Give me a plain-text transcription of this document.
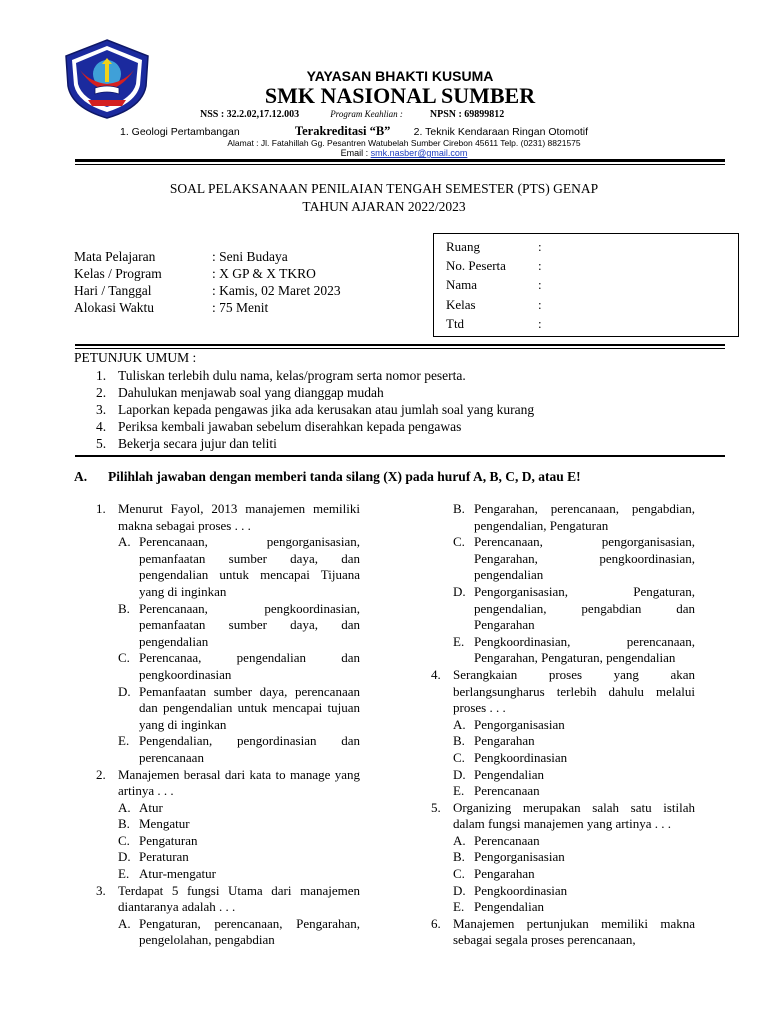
YAYASAN BHAKTI KUSUMA
SMK NASIONAL SUMBER
NSS : 32.2.02,17.12.003	Program Keahlian :	NPSN : 69899812
1. Geologi Pertambangan	Terakreditasi “B” 2. Teknik Kendaraan Ringan Otomotif
Alamat : Jl. Fatahillah Gg. Pesantren Watubelah Sumber Cirebon 45611 Telp. (0231) 8821575
Email : smk.nasber@gmail.com
SOAL PELAKSANAAN PENILAIAN TENGAH SEMESTER (PTS) GENAP
TAHUN AJARAN 2022/2023
Mata Pelajaran	: Seni Budaya
Kelas / Program	: X GP & X TKRO
Hari / Tanggal	: Kamis, 02 Maret 2023
Alokasi Waktu	: 75 Menit
Ruang	:
No. Peserta	:
Nama	:
Kelas	:
Ttd	:
PETUNJUK UMUM :
1. Tuliskan terlebih dulu nama, kelas/program serta nomor peserta.
2. Dahulukan menjawab soal yang dianggap mudah
3. Laporkan kepada pengawas jika ada kerusakan atau jumlah soal yang kurang
4. Periksa kembali jawaban sebelum diserahkan kepada pengawas
5. Bekerja secara jujur dan teliti
A. Pilihlah jawaban dengan memberi tanda silang (X) pada huruf A, B, C, D, atau E!
1. Menurut Fayol, 2013 manajemen memiliki makna sebagai proses . . .
A. Perencanaan, pengorganisasian, pemanfaatan sumber daya, dan pengendalian untuk mencapai Tijuana yang di inginkan
B. Perencanaan, pengkoordinasian, pemanfaatan sumber daya, dan pengendalian
C. Perencanaa, pengendalian dan pengkoordinasian
D. Pemanfaatan sumber daya, perencanaan dan pengendalian untuk mencapai tujuan yang di inginkan
E. Pengendalian, pengordinasian dan perencanaan
2. Manajemen berasal dari kata to manage yang artinya . . .
A. Atur
B. Mengatur
C. Pengaturan
D. Peraturan
E. Atur-mengatur
3. Terdapat 5 fungsi Utama dari manajemen diantaranya adalah . . .
A. Pengaturan, perencanaan, Pengarahan, pengelolahan, pengabdian
B. Pengarahan, perencanaan, pengabdian, pengendalian, Pengaturan
C. Perencanaan, pengorganisasian, Pengarahan, pengkoordinasian, pengendalian
D. Pengorganisasian, Pengaturan, pengendalian, pengabdian dan Pengarahan
E. Pengkoordinasian, perencanaan, Pengarahan, Pengaturan, pengendalian
4. Serangkaian proses yang akan berlangsungharus terlebih dahulu melalui proses . . .
A. Pengorganisasian
B. Pengarahan
C. Pengkoordinasian
D. Pengendalian
E. Perencanaan
5. Organizing merupakan salah satu istilah dalam fungsi manajemen yang artinya . . .
A. Perencanaan
B. Pengorganisasian
C. Pengarahan
D. Pengkoordinasian
E. Pengendalian
6. Manajemen pertunjukan memiliki makna sebagai segala proses perencanaan,
